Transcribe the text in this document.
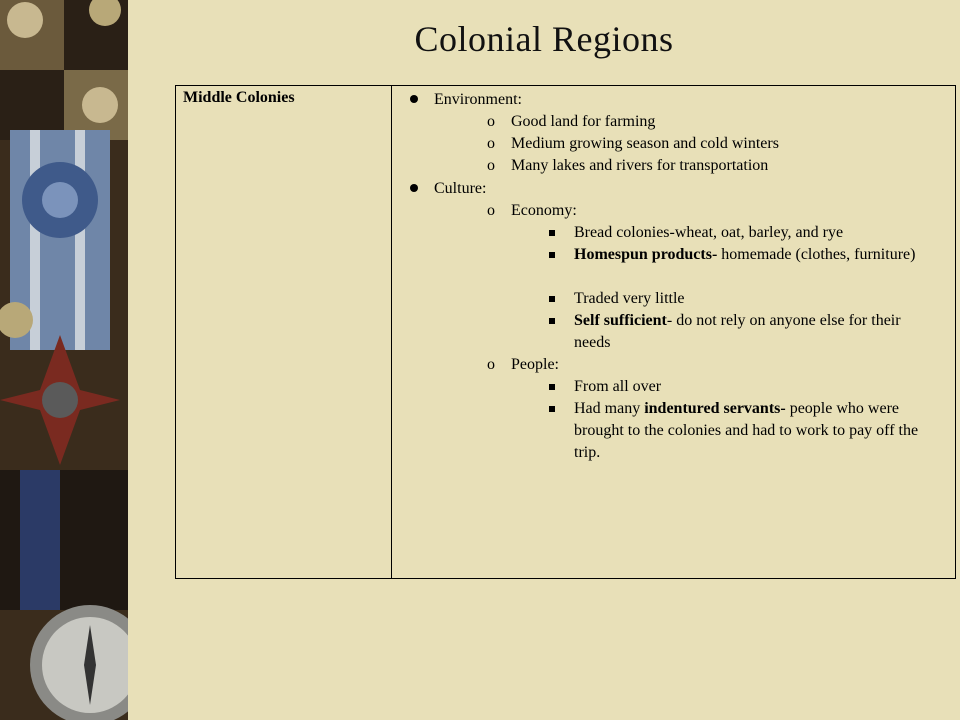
Colonial Regions
Middle Colonies	Environment:
o	Good land for farming
o	Medium growing season and cold winters
o	Many lakes and rivers for transportation
Culture:
o	Economy:
Bread colonies-wheat, oat, barley, and rye
Homespun products- homemade (clothes, furniture)
Traded very little
Self sufficient- do not rely on anyone else for their needs
o	People:
From all over
Had many indentured servants- people who were brought to the colonies and had to work to pay off the trip.
